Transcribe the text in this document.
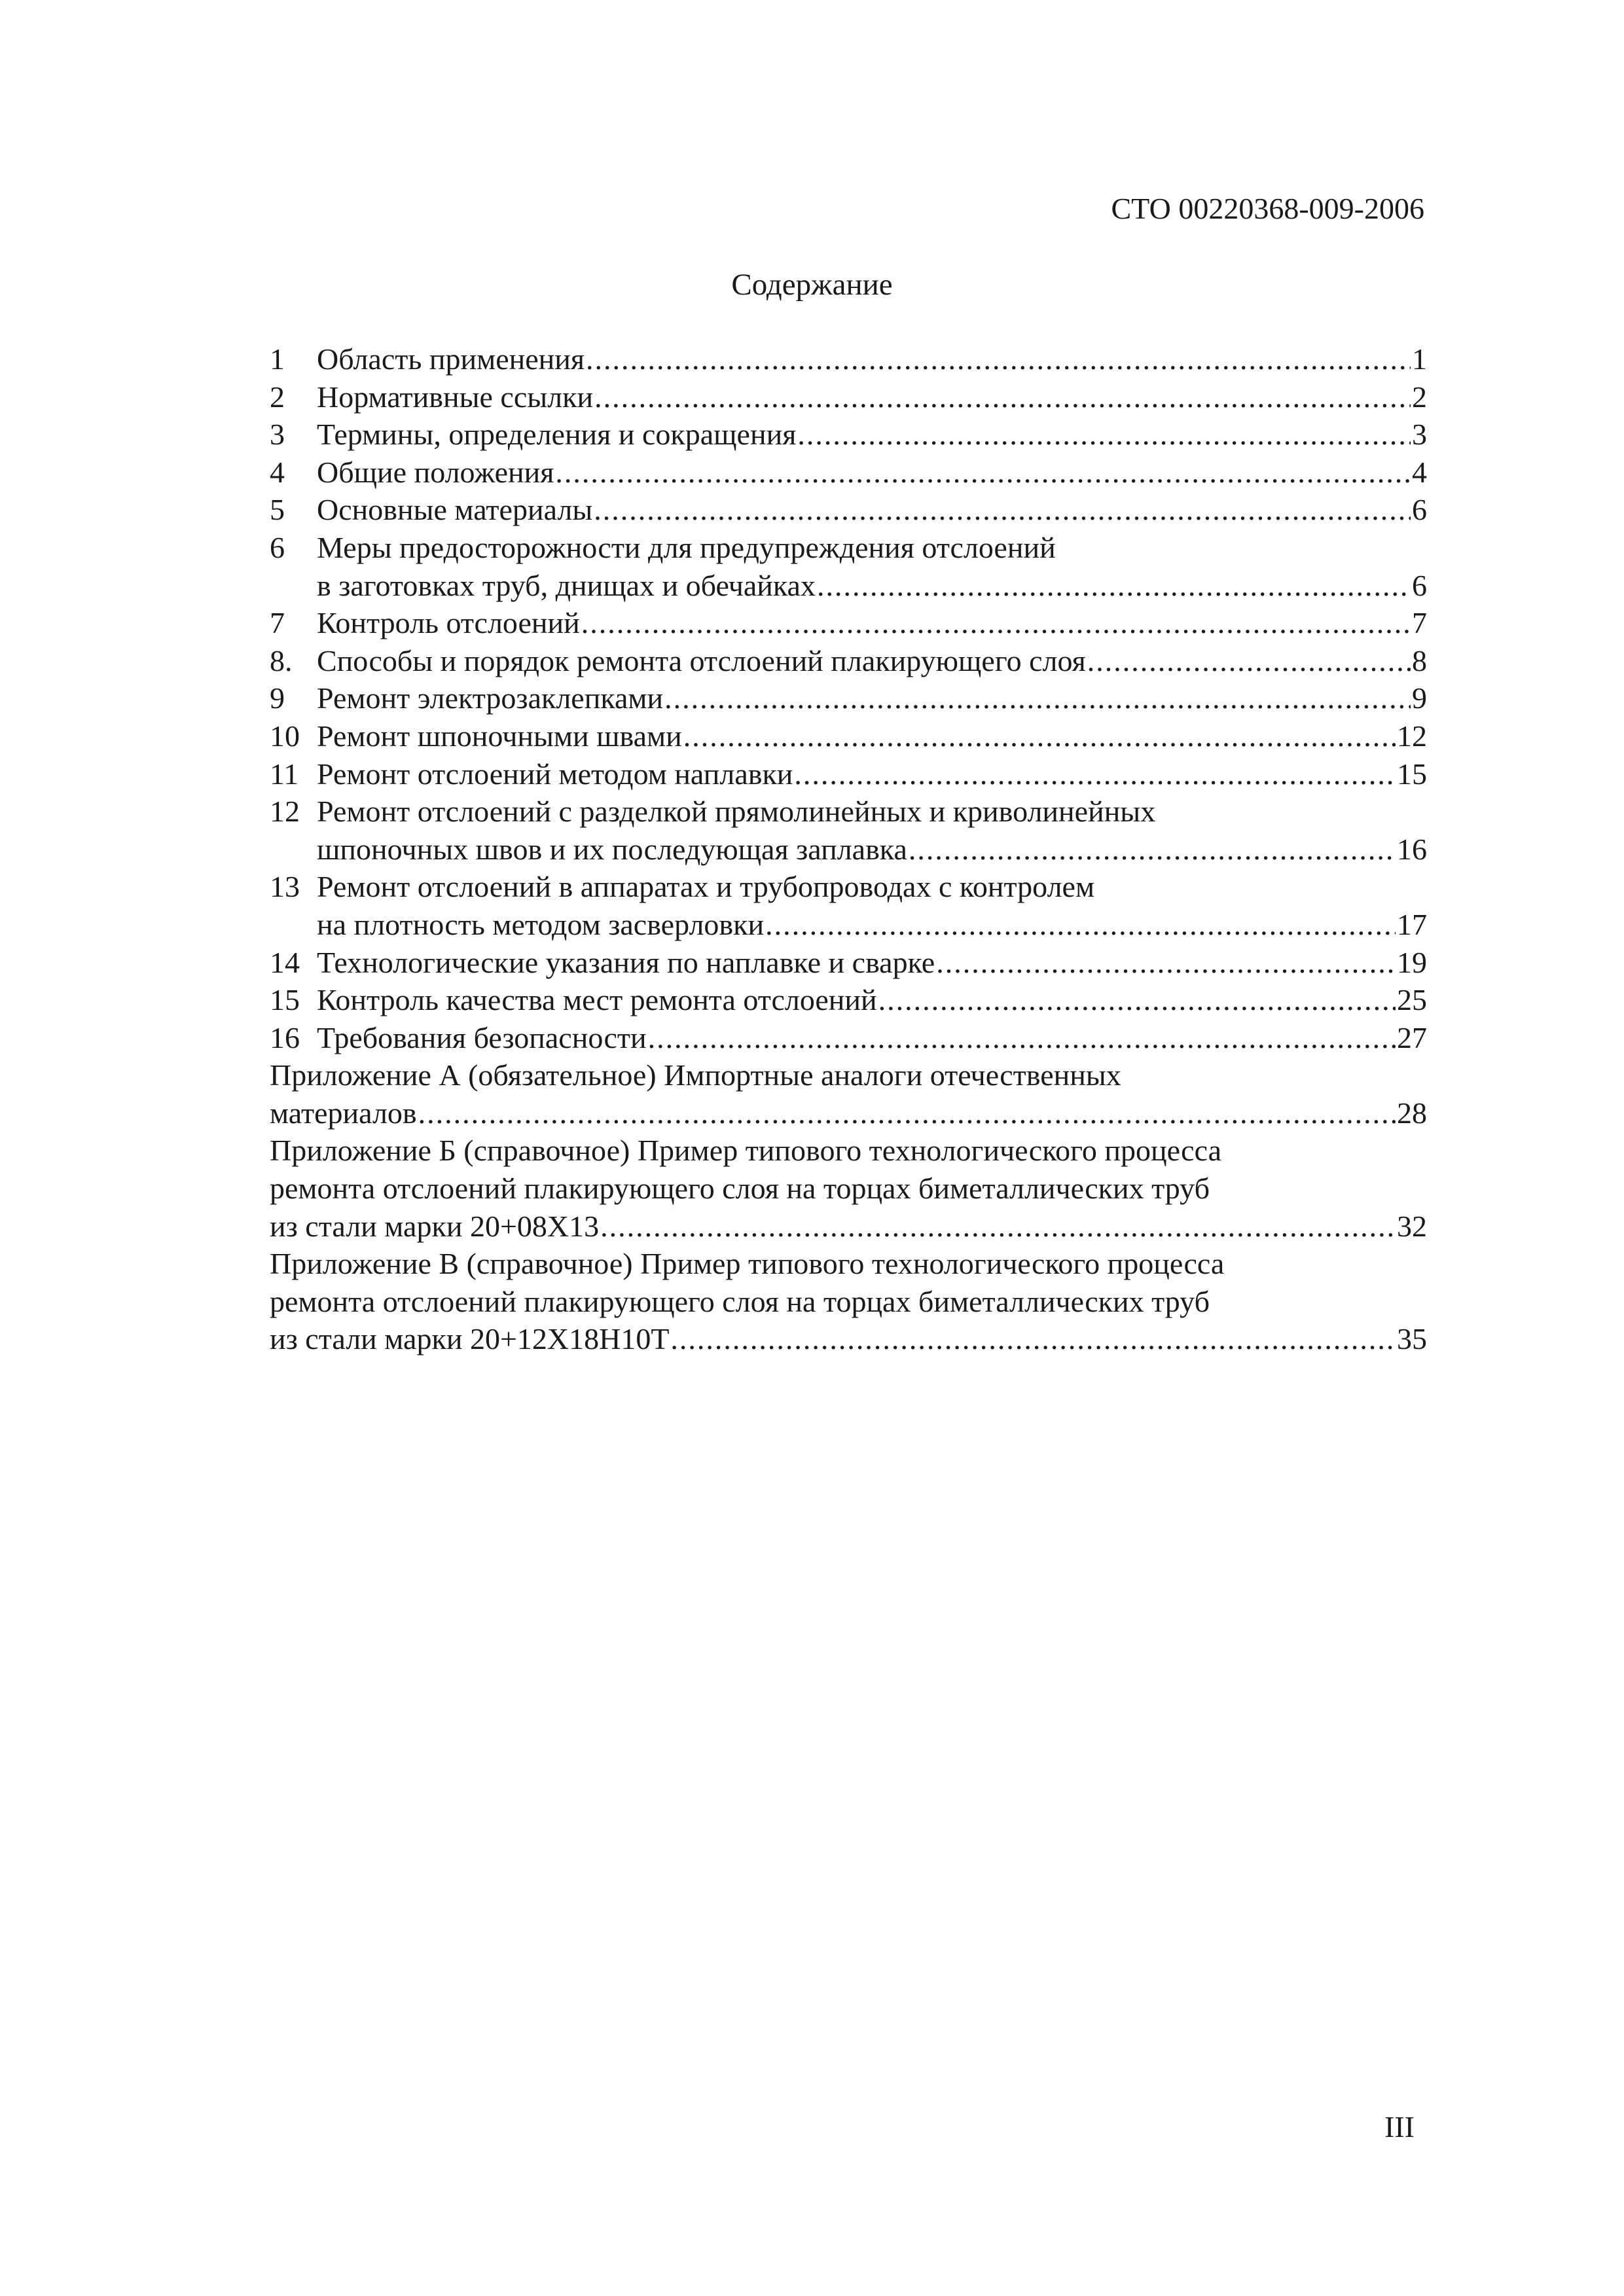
СТО 00220368-009-2006
Содержание
1	Область применения .....	1
2	Нормативные ссылки .....	2
3	Термины, определения и сокращения .....	3
4	Общие положения .....	4
5	Основные материалы .....	6
6	Меры предосторожности для предупреждения отслоений
в заготовках труб, днищах и обечайках .....	6
7	Контроль отслоений .....	7
8. Способы и порядок ремонта отслоений плакирующего слоя .....	8
9	Ремонт электрозаклепками .....	9
10 Ремонт шпоночными швами .....	12
11 Ремонт отслоений методом наплавки .....	15
12 Ремонт отслоений с разделкой прямолинейных и криволинейных
шпоночных швов и их последующая заплавка .....	16
13 Ремонт отслоений в аппаратах и трубопроводах с контролем
на плотность методом засверловки .....	17
14 Технологические указания по наплавке и сварке .....	19
15 Контроль качества мест ремонта отслоений .....	25
16 Требования безопасности .....	27
Приложение А (обязательное) Импортные аналоги отечественных
материалов .....	28
Приложение Б (справочное) Пример типового технологического процесса
ремонта отслоений плакирующего слоя на торцах биметаллических труб
из стали марки 20+08Х13 .....	32
Приложение В (справочное) Пример типового технологического процесса
ремонта отслоений плакирующего слоя на торцах биметаллических труб
из стали марки 20+12Х18Н10Т .....	35
III
